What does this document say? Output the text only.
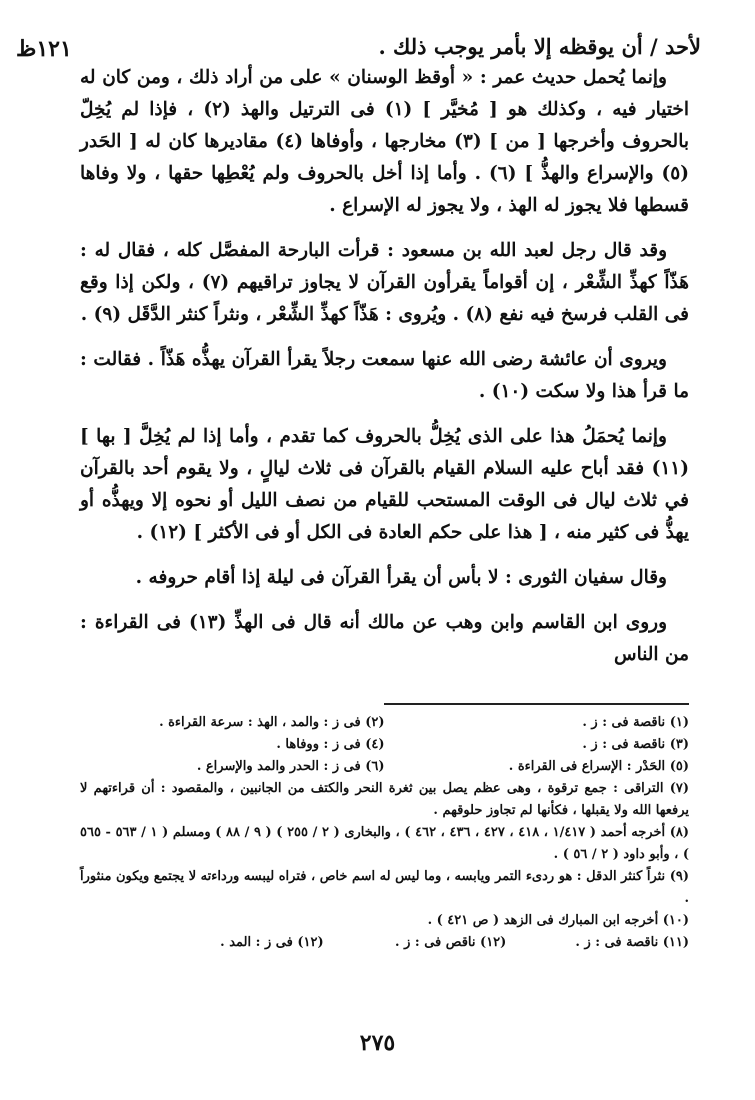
١٢١ظ	لأحد / أن يوقظه إلا بأمر يوجب ذلك .

وإنما يُحمل حديث عمر : « أوقظ الوسنان » على من أراد ذلك ، ومن كان له اختيار فيه ، وكذلك هو [ مُخيَّر ] (١) فى الترتيل والهذ (٢) ، فإذا لم يُخِلّ بالحروف وأخرجها [ من ] (٣) مخارجها ، وأوفاها (٤) مقاديرها كان له [ الحَدر (٥) والإسراع والهذُّ ] (٦) . وأما إذا أخل بالحروف ولم يُعْطِها حقها ، ولا وفاها قسطها فلا يجوز له الهذ ، ولا يجوز له الإسراع .

وقد قال رجل لعبد الله بن مسعود : قرأت البارحة المفصَّل كله ، فقال له : هَذّاً كهذِّ الشِّعْر ، إن أقواماً يقرأون القرآن لا يجاوز تراقيهم (٧) ، ولكن إذا وقع فى القلب فرسخ فيه نفع (٨) . ويُروى : هَذّاً كهذِّ الشِّعْر ، ونثراً كنثر الدَّقَل (٩) .

ويروى أن عائشة رضى الله عنها سمعت رجلاً يقرأ القرآن يهذُّه هَذّاً . فقالت : ما قرأ هذا ولا سكت (١٠) .

وإنما يُحمَلُ هذا على الذى يُخِلُّ بالحروف كما تقدم ، وأما إذا لم يُخِلَّ [ بها ] (١١) فقد أباح عليه السلام القيام بالقرآن فى ثلاث ليالٍ ، ولا يقوم أحد بالقرآن في ثلاث ليال فى الوقت المستحب للقيام من نصف الليل أو نحوه إلا ويهذُّه أو يهذُّ فى كثير منه ، [ هذا على حكم العادة فى الكل أو فى الأكثر ] (١٢) .

وقال سفيان الثورى : لا بأس أن يقرأ القرآن فى ليلة إذا أقام حروفه .

وروى ابن القاسم وابن وهب عن مالك أنه قال فى الهذِّ (١٣) فى القراءة : من الناس

(١) ناقصة فى : ز .
(٢) فى ز : والمد ، الهذ : سرعة القراءة .
(٣) ناقصة فى : ز .
(٤) فى ز : ووفاها .
(٥) الحَدْر : الإسراع فى القراءة .
(٦) فى ز : الحدر والمد والإسراع .
(٧) التراقى : جمع ترقوة ، وهى عظم يصل بين ثغرة النحر والكتف من الجانبين ، والمقصود : أن قراءتهم لا يرفعها الله ولا يقبلها ، فكأنها لم تجاوز حلوقهم .
(٨) أخرجه أحمد ( ١/٤١٧ ، ٤١٨ ، ٤٢٧ ، ٤٣٦ ، ٤٦٢ ) ، والبخارى ( ٢ / ٢٥٥ ) ( ٩ / ٨٨ ) ومسلم ( ١ / ٥٦٣ - ٥٦٥ ) ، وأبو داود ( ٢ / ٥٦ ) .
(٩) نثراً كنثر الدقل : هو ردىء التمر ويابسه ، وما ليس له اسم خاص ، فتراه ليبسه ورداءته لا يجتمع ويكون منثوراً .
(١٠) أخرجه ابن المبارك فى الزهد ( ص ٤٢١ ) .
(١١) ناقصة فى : ز .
(١٢) ناقص فى : ز .
(١٢) فى ز : المد .
٢٧٥
